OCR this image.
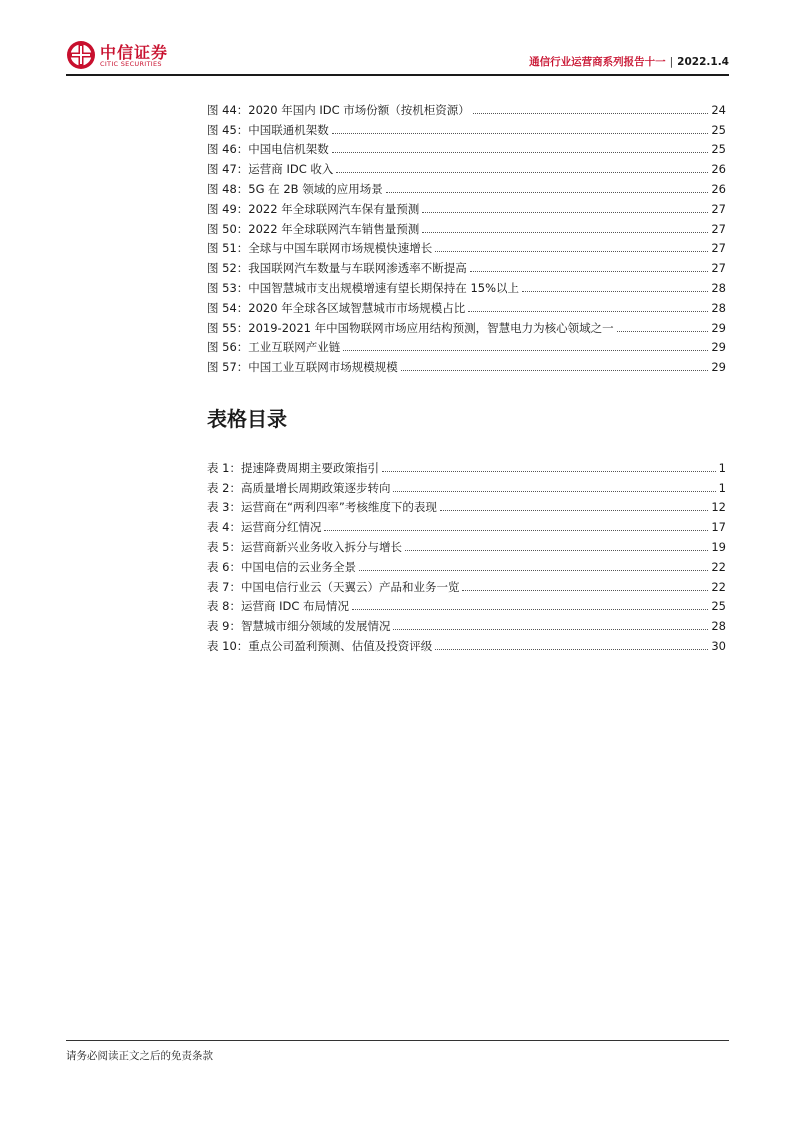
中信证券
CITIC SECURITIES	通信行业运营商系列报告十一 | 2022.1.4
图 44：2020 年国内 IDC 市场份额（按机柜资源）	24
图 45：中国联通机架数	25
图 46：中国电信机架数	25
图 47：运营商 IDC 收入	26
图 48：5G 在 2B 领域的应用场景	26
图 49：2022 年全球联网汽车保有量预测	27
图 50：2022 年全球联网汽车销售量预测	27
图 51：全球与中国车联网市场规模快速增长	27
图 52：我国联网汽车数量与车联网渗透率不断提高	27
图 53：中国智慧城市支出规模增速有望长期保持在 15%以上	28
图 54：2020 年全球各区域智慧城市市场规模占比	28
图 55：2019-2021 年中国物联网市场应用结构预测，智慧电力为核心领域之一	29
图 56：工业互联网产业链	29
图 57：中国工业互联网市场规模规模	29
表格目录
表 1：提速降费周期主要政策指引	1
表 2：高质量增长周期政策逐步转向	1
表 3：运营商在“两利四率”考核维度下的表现	12
表 4：运营商分红情况	17
表 5：运营商新兴业务收入拆分与增长	19
表 6：中国电信的云业务全景	22
表 7：中国电信行业云（天翼云）产品和业务一览	22
表 8：运营商 IDC 布局情况	25
表 9：智慧城市细分领域的发展情况	28
表 10：重点公司盈利预测、估值及投资评级	30
请务必阅读正文之后的免责条款
